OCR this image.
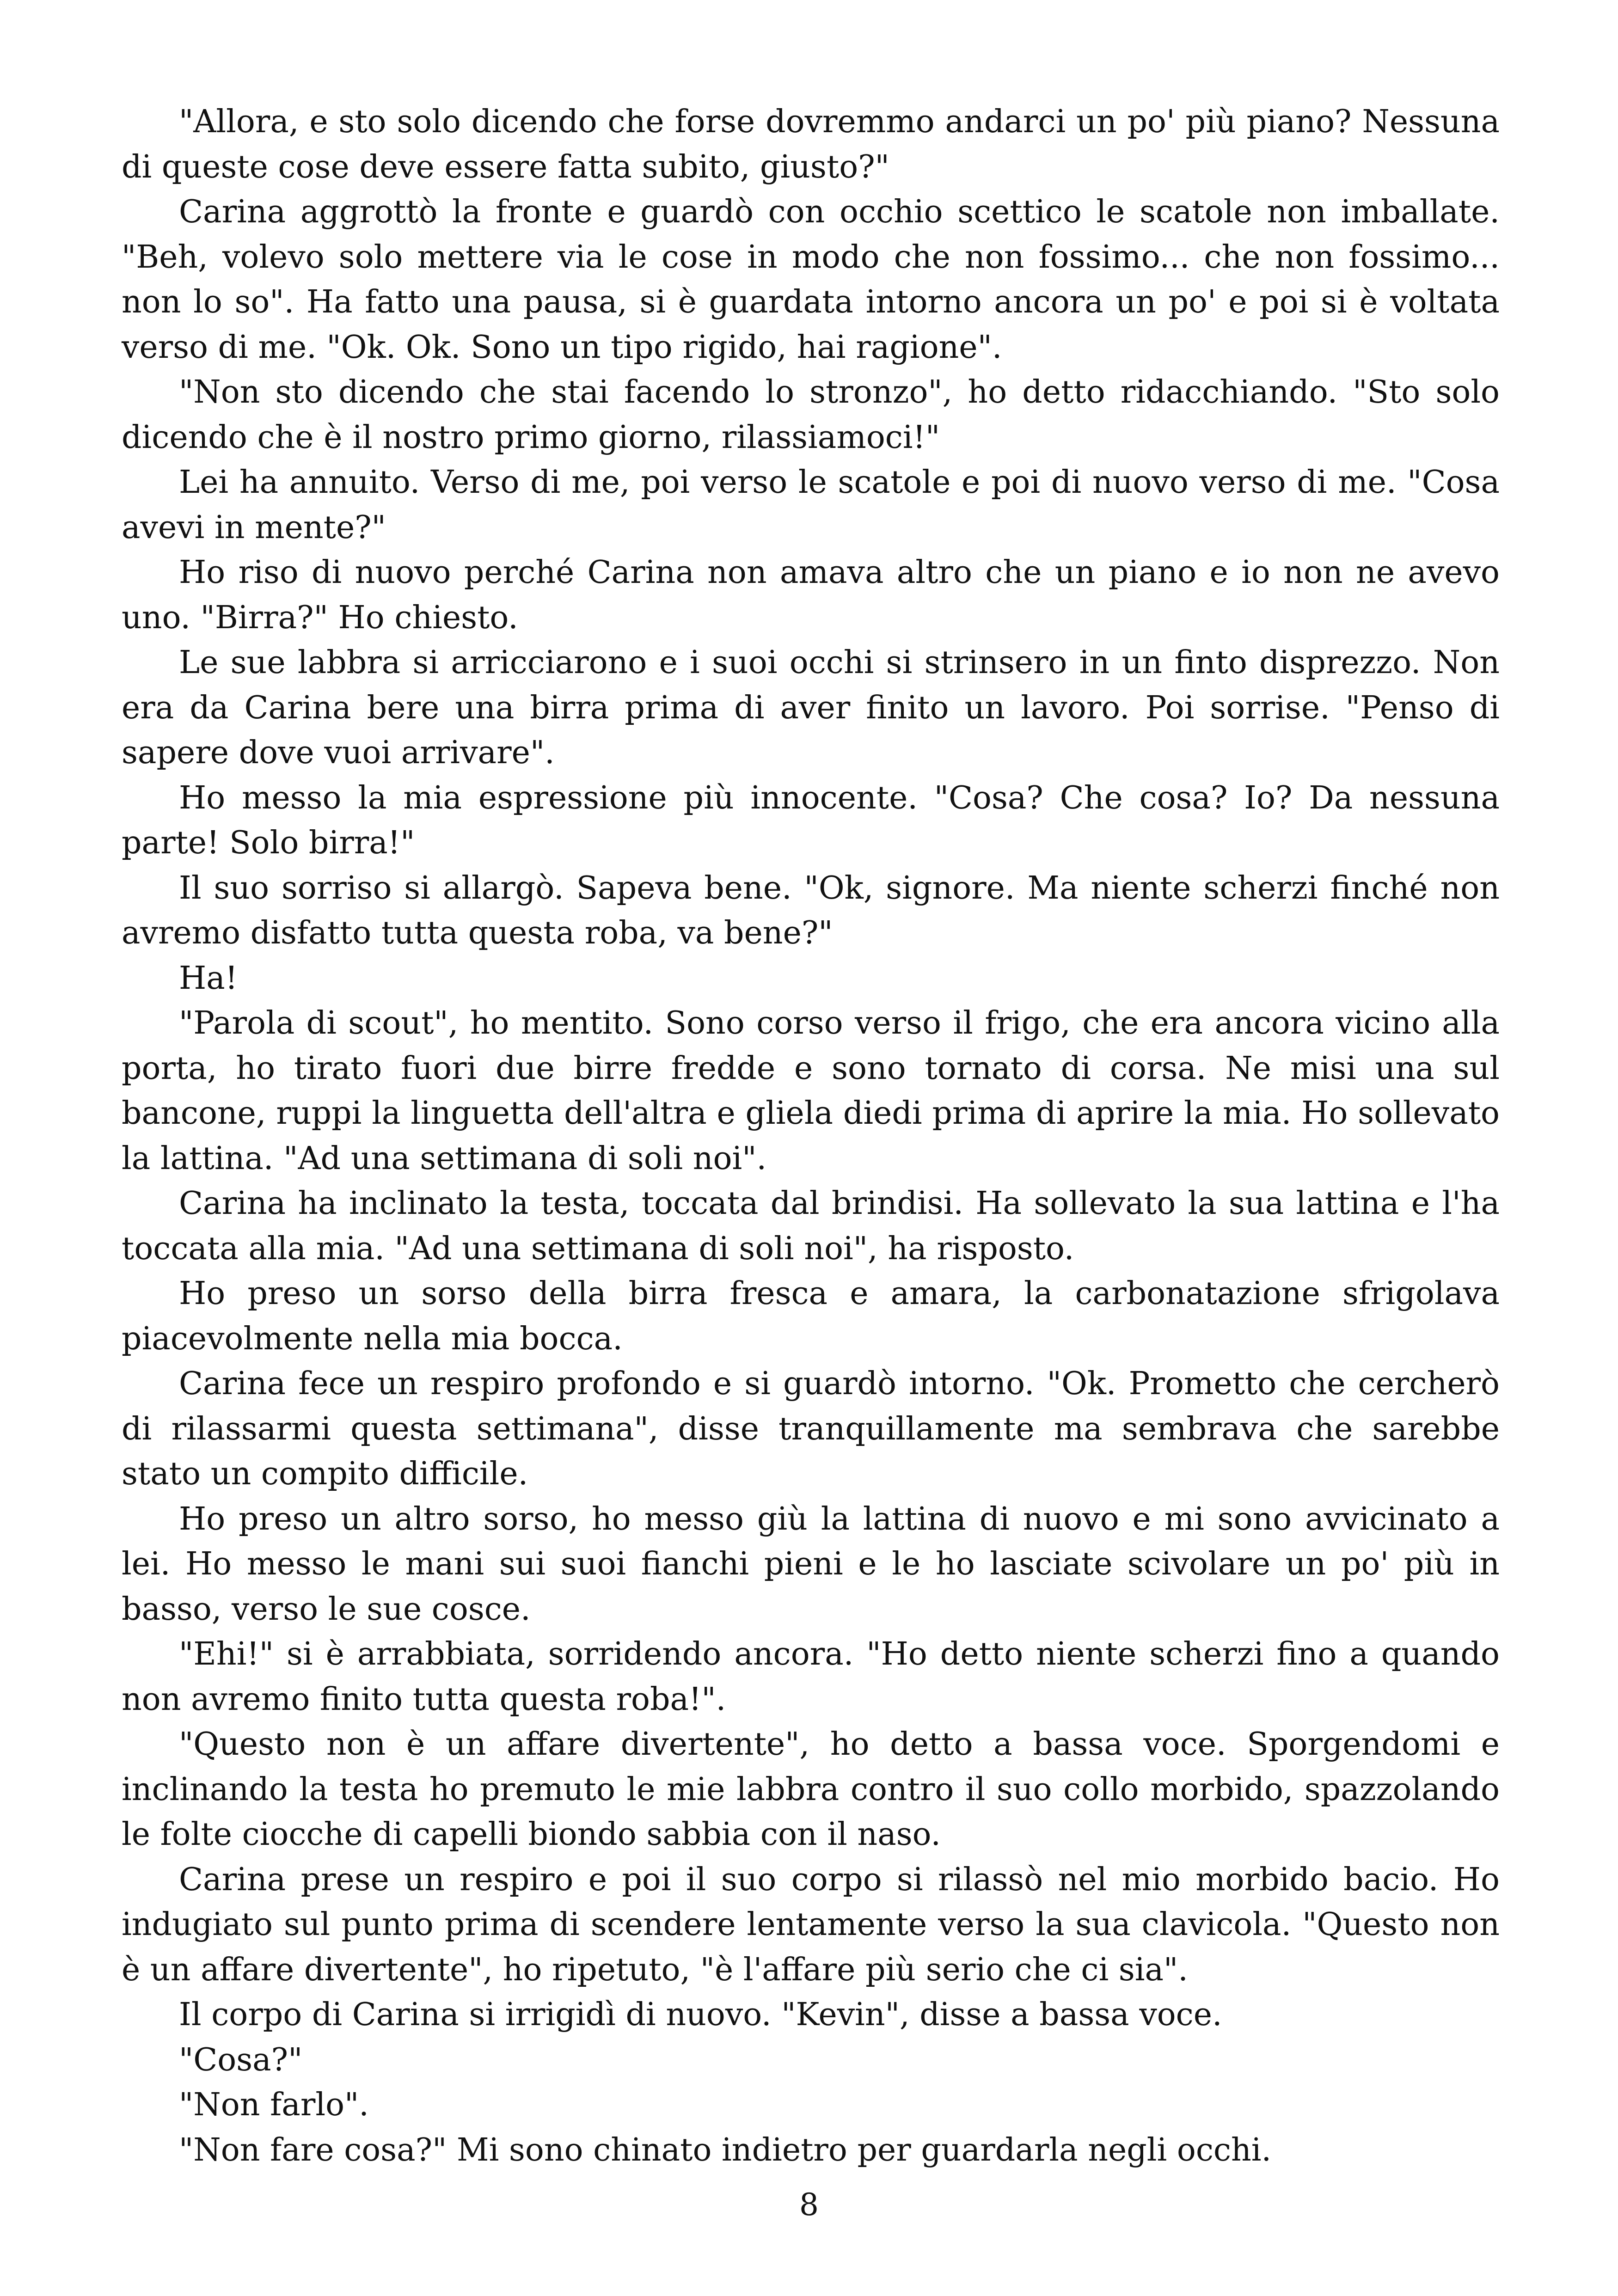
"Allora, e sto solo dicendo che forse dovremmo andarci un po' più piano? Nessuna di queste cose deve essere fatta subito, giusto?"

Carina aggrottò la fronte e guardò con occhio scettico le scatole non imballate. "Beh, volevo solo mettere via le cose in modo che non fossimo... che non fossimo... non lo so". Ha fatto una pausa, si è guardata intorno ancora un po' e poi si è voltata verso di me. "Ok. Ok. Sono un tipo rigido, hai ragione".

"Non sto dicendo che stai facendo lo stronzo", ho detto ridacchiando. "Sto solo dicendo che è il nostro primo giorno, rilassiamoci!"

Lei ha annuito. Verso di me, poi verso le scatole e poi di nuovo verso di me. "Cosa avevi in mente?"

Ho riso di nuovo perché Carina non amava altro che un piano e io non ne avevo uno. "Birra?" Ho chiesto.

Le sue labbra si arricciarono e i suoi occhi si strinsero in un finto disprezzo. Non era da Carina bere una birra prima di aver finito un lavoro. Poi sorrise. "Penso di sapere dove vuoi arrivare".

Ho messo la mia espressione più innocente. "Cosa? Che cosa? Io? Da nessuna parte! Solo birra!"

Il suo sorriso si allargò. Sapeva bene. "Ok, signore. Ma niente scherzi finché non avremo disfatto tutta questa roba, va bene?"

Ha!

"Parola di scout", ho mentito. Sono corso verso il frigo, che era ancora vicino alla porta, ho tirato fuori due birre fredde e sono tornato di corsa. Ne misi una sul bancone, ruppi la linguetta dell'altra e gliela diedi prima di aprire la mia. Ho sollevato la lattina. "Ad una settimana di soli noi".

Carina ha inclinato la testa, toccata dal brindisi. Ha sollevato la sua lattina e l'ha toccata alla mia. "Ad una settimana di soli noi", ha risposto.

Ho preso un sorso della birra fresca e amara, la carbonatazione sfrigolava piacevolmente nella mia bocca.

Carina fece un respiro profondo e si guardò intorno. "Ok. Prometto che cercherò di rilassarmi questa settimana", disse tranquillamente ma sembrava che sarebbe stato un compito difficile.

Ho preso un altro sorso, ho messo giù la lattina di nuovo e mi sono avvicinato a lei. Ho messo le mani sui suoi fianchi pieni e le ho lasciate scivolare un po' più in basso, verso le sue cosce.

"Ehi!" si è arrabbiata, sorridendo ancora. "Ho detto niente scherzi fino a quando non avremo finito tutta questa roba!".

"Questo non è un affare divertente", ho detto a bassa voce. Sporgendomi e inclinando la testa ho premuto le mie labbra contro il suo collo morbido, spazzolando le folte ciocche di capelli biondo sabbia con il naso.

Carina prese un respiro e poi il suo corpo si rilassò nel mio morbido bacio. Ho indugiato sul punto prima di scendere lentamente verso la sua clavicola. "Questo non è un affare divertente", ho ripetuto, "è l'affare più serio che ci sia".

Il corpo di Carina si irrigidì di nuovo. "Kevin", disse a bassa voce.

"Cosa?"

"Non farlo".

"Non fare cosa?" Mi sono chinato indietro per guardarla negli occhi.

8
